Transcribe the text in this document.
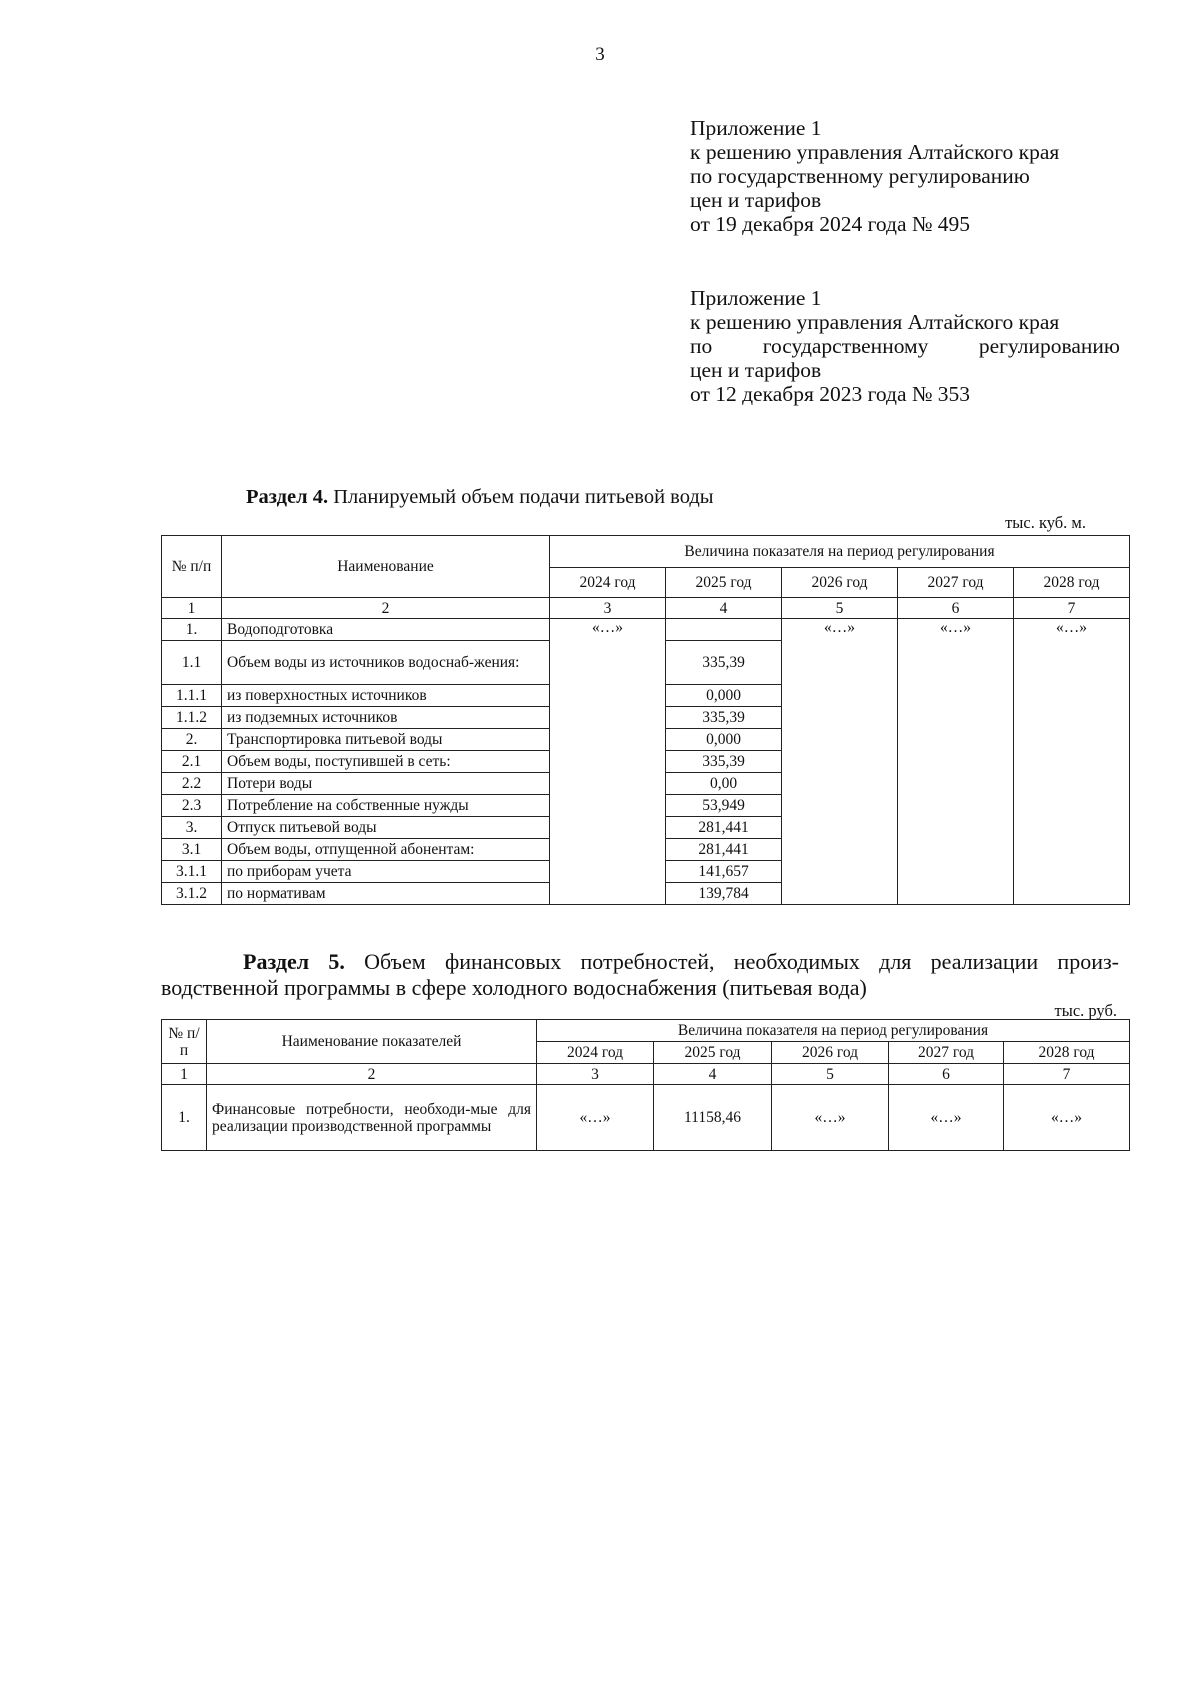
3
Приложение 1
к решению управления Алтайского края
по государственному регулированию
цен и тарифов
от 19 декабря 2024 года № 495
Приложение 1
к решению управления Алтайского края
по государственному регулированию
цен и тарифов
от 12 декабря 2023 года № 353
Раздел 4. Планируемый объем подачи питьевой воды
тыс. куб. м.
№ п/п	Наименование	Величина показателя на период регулирования				
		2024 год	2025 год	2026 год	2027 год	2028 год
1	2	3	4	5	6	7
1.	Водоподготовка	«…»		«…»	«…»	«…»
1.1	Объем воды из источников водоснаб-жения:		335,39			
1.1.1	из поверхностных источников		0,000			
1.1.2	из подземных источников		335,39			
2.	Транспортировка питьевой воды		0,000			
2.1	Объем воды, поступившей в сеть:		335,39			
2.2	Потери воды		0,00			
2.3	Потребление на собственные нужды		53,949			
3.	Отпуск питьевой воды		281,441			
3.1	Объем воды, отпущенной абонентам:		281,441			
3.1.1	по приборам учета		141,657			
3.1.2	по нормативам		139,784			
Раздел 5. Объем финансовых потребностей, необходимых для реализации произ-
водственной программы в сфере холодного водоснабжения (питьевая вода)
тыс. руб.
№ п/п	Наименование показателей	Величина показателя на период регулирования				
		2024 год	2025 год	2026 год	2027 год	2028 год
1	2	3	4	5	6	7
1.	Финансовые потребности, необходи-мые для реализации производственной программы	«…»	11158,46	«…»	«…»	«…»
